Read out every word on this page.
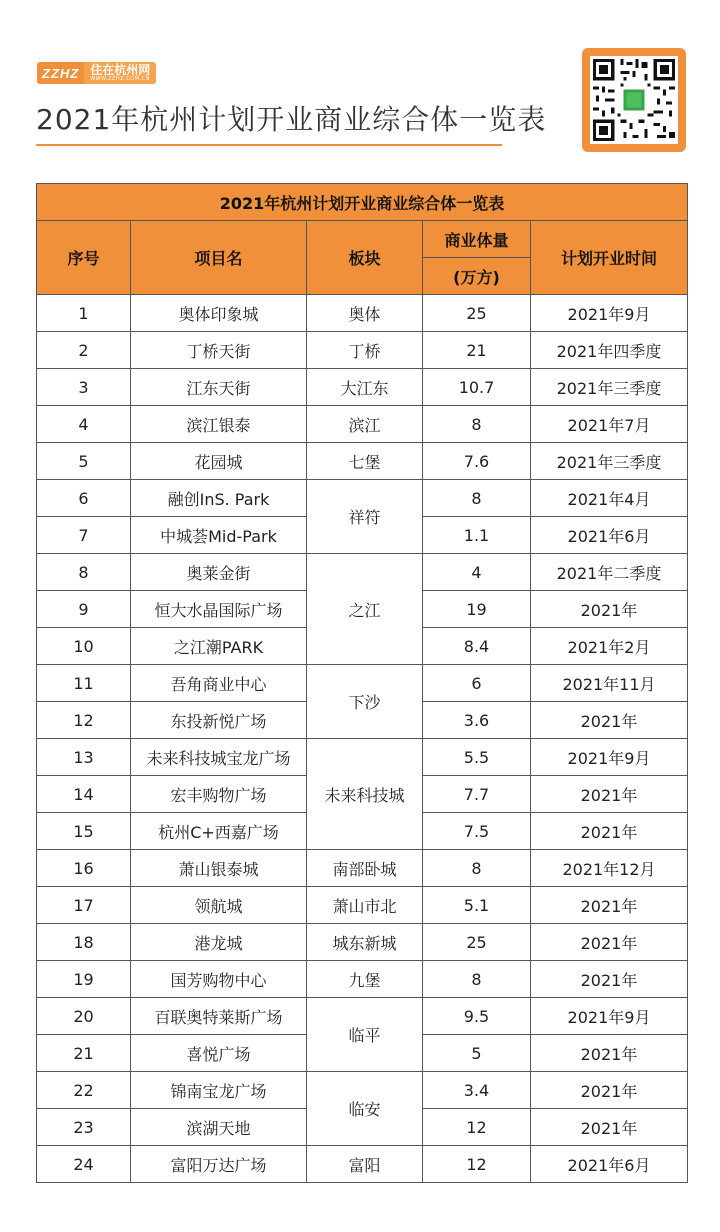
ZZHZ 住在杭州网
WWW.ZZHZ.COM.CN
2021年杭州计划开业商业综合体一览表
2021年杭州计划开业商业综合体一览表				
序号	项目名	板块	商业体量	计划开业时间
			(万方)	
1	奥体印象城	奥体	25	2021年9月
2	丁桥天街	丁桥	21	2021年四季度
3	江东天街	大江东	10.7	2021年三季度
4	滨江银泰	滨江	8	2021年7月
5	花园城	七堡	7.6	2021年三季度
6	融创InS. Park	祥符	8	2021年4月
7	中城荟Mid-Park		1.1	2021年6月
8	奥莱金街	之江	4	2021年二季度
9	恒大水晶国际广场		19	2021年
10	之江潮PARK		8.4	2021年2月
11	吾角商业中心	下沙	6	2021年11月
12	东投新悦广场		3.6	2021年
13	未来科技城宝龙广场	未来科技城	5.5	2021年9月
14	宏丰购物广场		7.7	2021年
15	杭州C+西嘉广场		7.5	2021年
16	萧山银泰城	南部卧城	8	2021年12月
17	领航城	萧山市北	5.1	2021年
18	港龙城	城东新城	25	2021年
19	国芳购物中心	九堡	8	2021年
20	百联奥特莱斯广场	临平	9.5	2021年9月
21	喜悦广场		5	2021年
22	锦南宝龙广场	临安	3.4	2021年
23	滨湖天地		12	2021年
24	富阳万达广场	富阳	12	2021年6月
